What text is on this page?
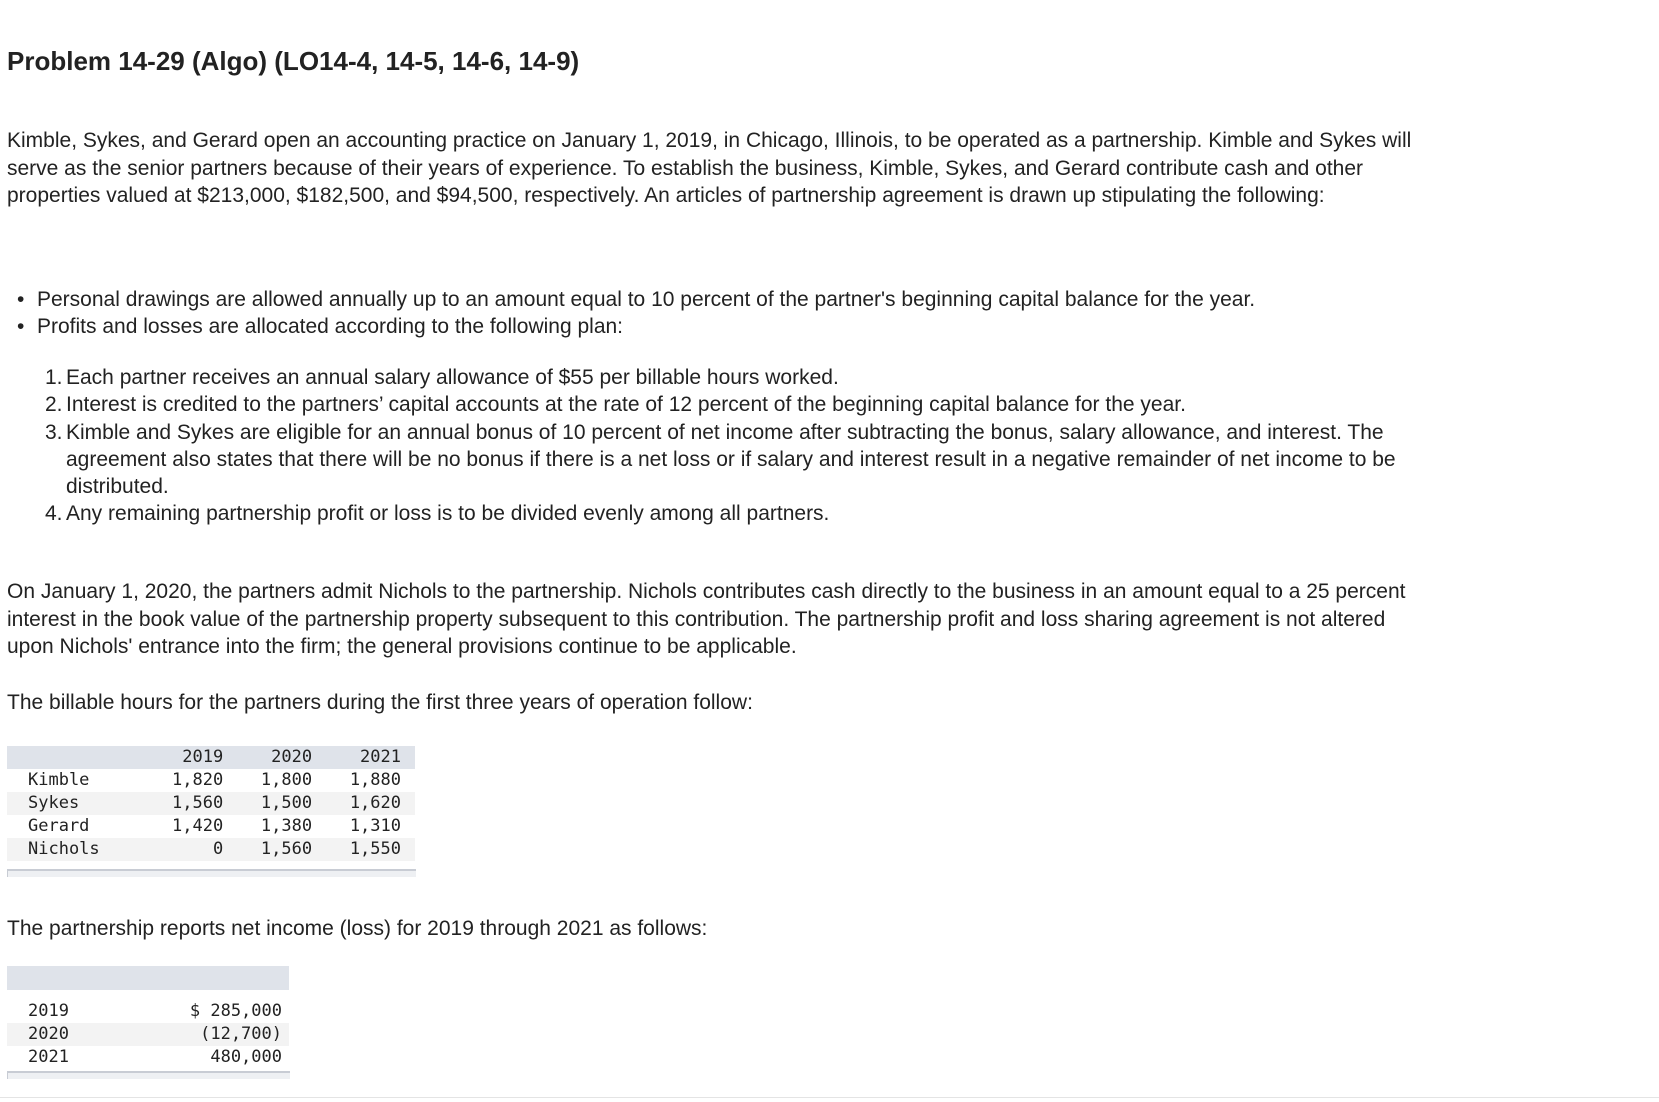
Problem 14-29 (Algo) (LO14-4, 14-5, 14-6, 14-9)
Kimble, Sykes, and Gerard open an accounting practice on January 1, 2019, in Chicago, Illinois, to be operated as a partnership. Kimble and Sykes will serve as the senior partners because of their years of experience. To establish the business, Kimble, Sykes, and Gerard contribute cash and other properties valued at $213,000, $182,500, and $94,500, respectively. An articles of partnership agreement is drawn up stipulating the following:
• Personal drawings are allowed annually up to an amount equal to 10 percent of the partner's beginning capital balance for the year.
• Profits and losses are allocated according to the following plan:
1. Each partner receives an annual salary allowance of $55 per billable hours worked.
2. Interest is credited to the partners’ capital accounts at the rate of 12 percent of the beginning capital balance for the year.
3. Kimble and Sykes are eligible for an annual bonus of 10 percent of net income after subtracting the bonus, salary allowance, and interest. The agreement also states that there will be no bonus if there is a net loss or if salary and interest result in a negative remainder of net income to be distributed.
4. Any remaining partnership profit or loss is to be divided evenly among all partners.
On January 1, 2020, the partners admit Nichols to the partnership. Nichols contributes cash directly to the business in an amount equal to a 25 percent interest in the book value of the partnership property subsequent to this contribution. The partnership profit and loss sharing agreement is not altered upon Nichols' entrance into the firm; the general provisions continue to be applicable.
The billable hours for the partners during the first three years of operation follow:
	2019	2020	2021
Kimble	1,820	1,800	1,880
Sykes	1,560	1,500	1,620
Gerard	1,420	1,380	1,310
Nichols	0	1,560	1,550
The partnership reports net income (loss) for 2019 through 2021 as follows:

2019	$ 285,000
2020	(12,700)
2021	480,000
